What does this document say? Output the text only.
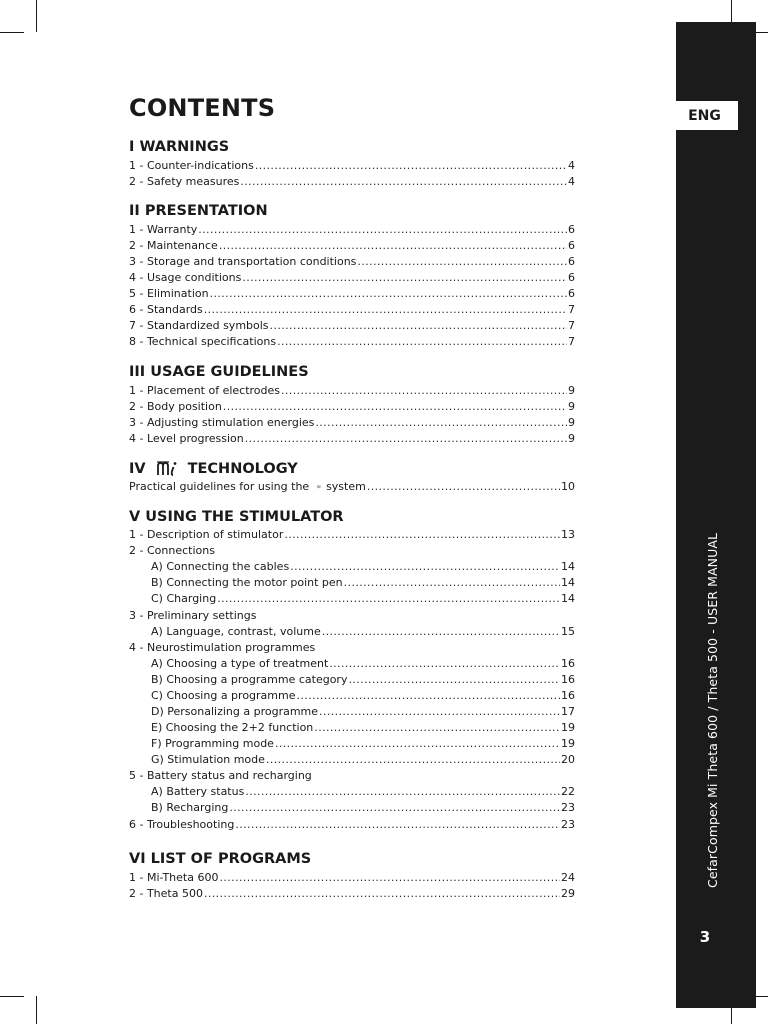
ENG
CefarCompex Mi Theta 600 / Theta 500 - USER MANUAL
3
CONTENTS
I WARNINGS
1 - Counter-indications .....	4
2 - Safety measures .....	4
II PRESENTATION
1 - Warranty .....	6
2 - Maintenance .....	6
3 - Storage and transportation conditions .....	6
4 - Usage conditions .....	6
5 - Elimination .....	6
6 - Standards .....	7
7 - Standardized symbols .....	7
8 - Technical specifications .....	7
III USAGE GUIDELINES
1 - Placement of electrodes .....	9
2 - Body position .....	9
3 - Adjusting stimulation energies .....	9
4 - Level progression .....	9
IV	TECHNOLOGY
Practical guidelines for using the system .....	10
V USING THE STIMULATOR
1 - Description of stimulator .....	13
2 - Connections
A) Connecting the cables .....	14
B) Connecting the motor point pen .....	14
C) Charging .....	14
3 - Preliminary settings
A) Language, contrast, volume .....	15
4 - Neurostimulation programmes
A) Choosing a type of treatment .....	16
B) Choosing a programme category .....	16
C) Choosing a programme .....	16
D) Personalizing a programme .....	17
E) Choosing the 2+2 function .....	19
F) Programming mode .....	19
G) Stimulation mode .....	20
5 - Battery status and recharging
A) Battery status .....	22
B) Recharging .....	23
6 - Troubleshooting .....	23
VI LIST OF PROGRAMS
1 - Mi-Theta 600 .....	24
2 - Theta 500 .....	29
